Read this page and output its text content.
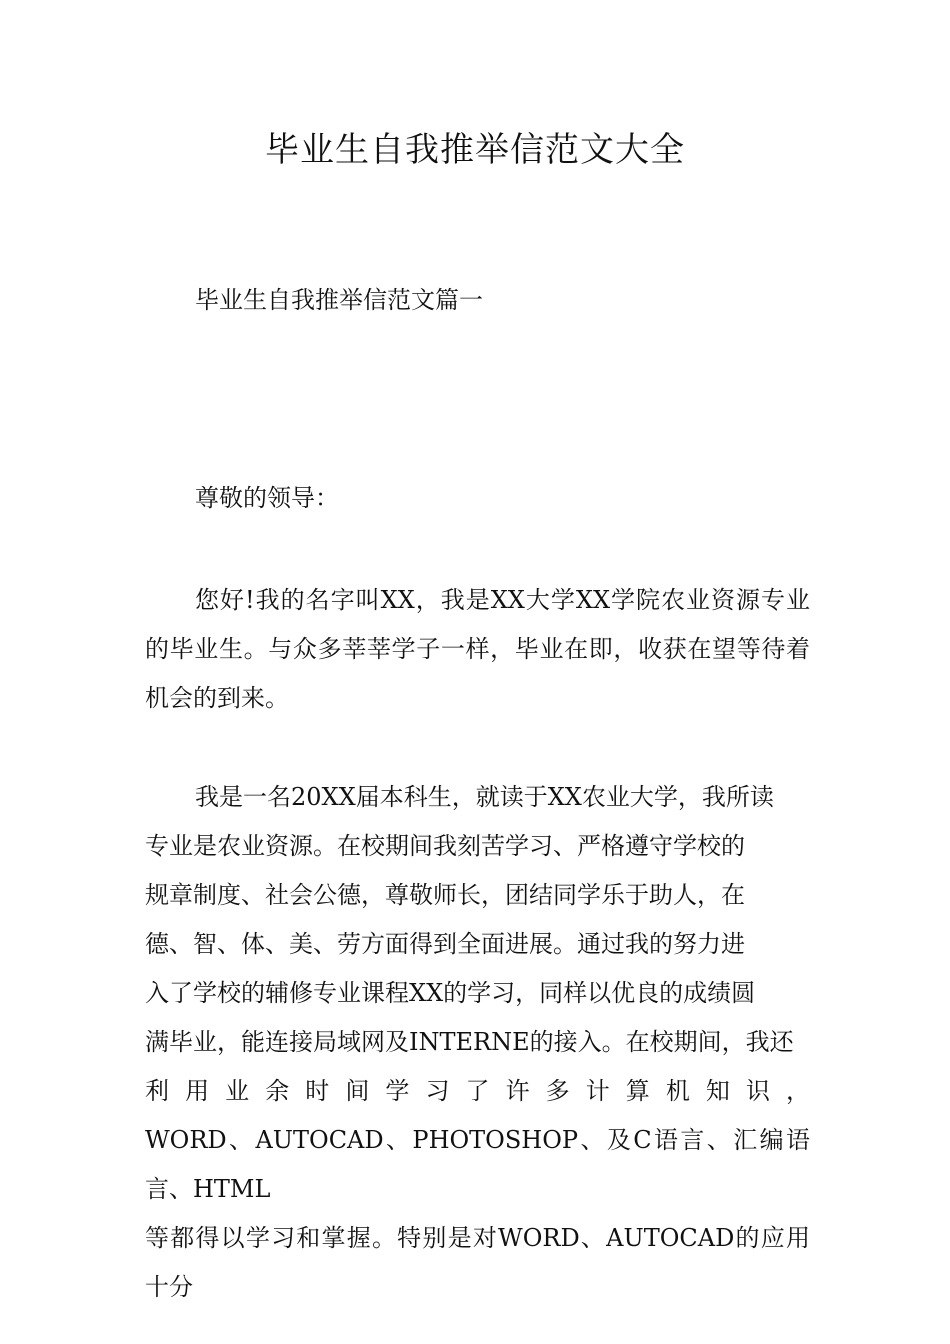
毕业生自我推举信范文大全

毕业生自我推举信范文篇一

尊敬的领导：

您好!我的名字叫XX，我是XX大学XX学院农业资源专业的毕业生。与众多莘莘学子一样，毕业在即，收获在望等待着机会的到来。

我是一名20XX届本科生，就读于XX农业大学，我所读
专业是农业资源。在校期间我刻苦学习、严格遵守学校的
规章制度、社会公德，尊敬师长，团结同学乐于助人，在
德、智、体、美、劳方面得到全面进展。通过我的努力进
入了学校的辅修专业课程XX的学习，同样以优良的成绩圆
满毕业，能连接局域网及INTERNE的接入。在校期间，我还
利 用 业 余 时 间 学 习 了 许 多 计 算 机 知 识 ，
WORD、AUTOCAD、PHOTOSHOP、及C语言、汇编语言、HTML
等都得以学习和掌握。特别是对WORD、AUTOCAD的应用十分
